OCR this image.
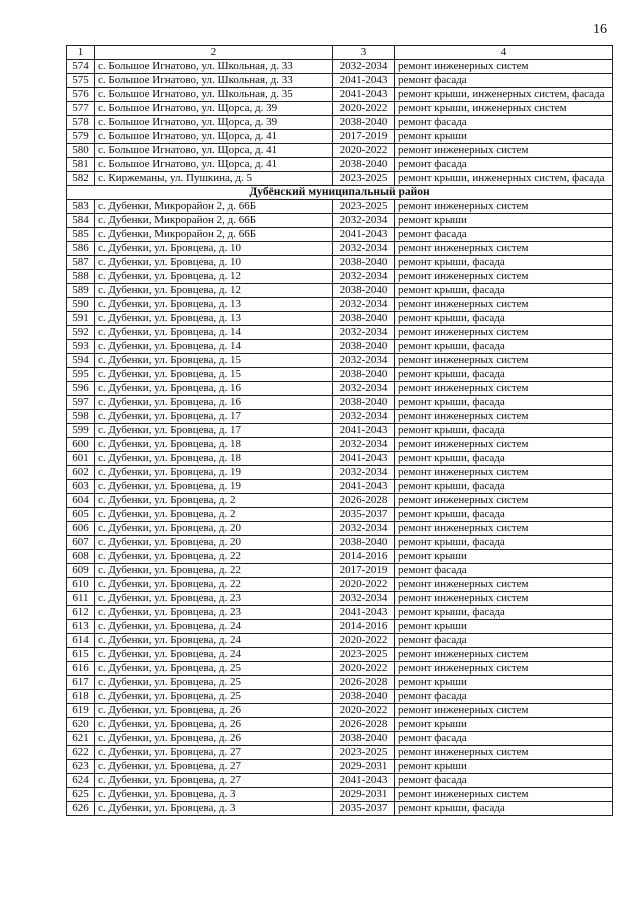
16
1	2	3	4
574	с. Большое Игнатово, ул. Школьная, д. 33	2032-2034	ремонт инженерных систем
575	с. Большое Игнатово, ул. Школьная, д. 33	2041-2043	ремонт фасада
576	с. Большое Игнатово, ул. Школьная, д. 35	2041-2043	ремонт крыши, инженерных систем, фасада
577	с. Большое Игнатово, ул. Щорса, д. 39	2020-2022	ремонт крыши, инженерных систем
578	с. Большое Игнатово, ул. Щорса, д. 39	2038-2040	ремонт фасада
579	с. Большое Игнатово, ул. Щорса, д. 41	2017-2019	ремонт крыши
580	с. Большое Игнатово, ул. Щорса, д. 41	2020-2022	ремонт инженерных систем
581	с. Большое Игнатово, ул. Щорса, д. 41	2038-2040	ремонт фасада
582	с. Киржеманы, ул. Пушкина, д. 5	2023-2025	ремонт крыши, инженерных систем, фасада
Дубёнский муниципальный район			
583	с. Дубенки, Микрорайон 2, д. 66Б	2023-2025	ремонт инженерных систем
584	с. Дубенки, Микрорайон 2, д. 66Б	2032-2034	ремонт крыши
585	с. Дубенки, Микрорайон 2, д. 66Б	2041-2043	ремонт фасада
586	с. Дубенки, ул. Бровцева, д. 10	2032-2034	ремонт инженерных систем
587	с. Дубенки, ул. Бровцева, д. 10	2038-2040	ремонт крыши, фасада
588	с. Дубенки, ул. Бровцева, д. 12	2032-2034	ремонт инженерных систем
589	с. Дубенки, ул. Бровцева, д. 12	2038-2040	ремонт крыши, фасада
590	с. Дубенки, ул. Бровцева, д. 13	2032-2034	ремонт инженерных систем
591	с. Дубенки, ул. Бровцева, д. 13	2038-2040	ремонт крыши, фасада
592	с. Дубенки, ул. Бровцева, д. 14	2032-2034	ремонт инженерных систем
593	с. Дубенки, ул. Бровцева, д. 14	2038-2040	ремонт крыши, фасада
594	с. Дубенки, ул. Бровцева, д. 15	2032-2034	ремонт инженерных систем
595	с. Дубенки, ул. Бровцева, д. 15	2038-2040	ремонт крыши, фасада
596	с. Дубенки, ул. Бровцева, д. 16	2032-2034	ремонт инженерных систем
597	с. Дубенки, ул. Бровцева, д. 16	2038-2040	ремонт крыши, фасада
598	с. Дубенки, ул. Бровцева, д. 17	2032-2034	ремонт инженерных систем
599	с. Дубенки, ул. Бровцева, д. 17	2041-2043	ремонт крыши, фасада
600	с. Дубенки, ул. Бровцева, д. 18	2032-2034	ремонт инженерных систем
601	с. Дубенки, ул. Бровцева, д. 18	2041-2043	ремонт крыши, фасада
602	с. Дубенки, ул. Бровцева, д. 19	2032-2034	ремонт инженерных систем
603	с. Дубенки, ул. Бровцева, д. 19	2041-2043	ремонт крыши, фасада
604	с. Дубенки, ул. Бровцева, д. 2	2026-2028	ремонт инженерных систем
605	с. Дубенки, ул. Бровцева, д. 2	2035-2037	ремонт крыши, фасада
606	с. Дубенки, ул. Бровцева, д. 20	2032-2034	ремонт инженерных систем
607	с. Дубенки, ул. Бровцева, д. 20	2038-2040	ремонт крыши, фасада
608	с. Дубенки, ул. Бровцева, д. 22	2014-2016	ремонт крыши
609	с. Дубенки, ул. Бровцева, д. 22	2017-2019	ремонт фасада
610	с. Дубенки, ул. Бровцева, д. 22	2020-2022	ремонт инженерных систем
611	с. Дубенки, ул. Бровцева, д. 23	2032-2034	ремонт инженерных систем
612	с. Дубенки, ул. Бровцева, д. 23	2041-2043	ремонт крыши, фасада
613	с. Дубенки, ул. Бровцева, д. 24	2014-2016	ремонт крыши
614	с. Дубенки, ул. Бровцева, д. 24	2020-2022	ремонт фасада
615	с. Дубенки, ул. Бровцева, д. 24	2023-2025	ремонт инженерных систем
616	с. Дубенки, ул. Бровцева, д. 25	2020-2022	ремонт инженерных систем
617	с. Дубенки, ул. Бровцева, д. 25	2026-2028	ремонт крыши
618	с. Дубенки, ул. Бровцева, д. 25	2038-2040	ремонт фасада
619	с. Дубенки, ул. Бровцева, д. 26	2020-2022	ремонт инженерных систем
620	с. Дубенки, ул. Бровцева, д. 26	2026-2028	ремонт крыши
621	с. Дубенки, ул. Бровцева, д. 26	2038-2040	ремонт фасада
622	с. Дубенки, ул. Бровцева, д. 27	2023-2025	ремонт инженерных систем
623	с. Дубенки, ул. Бровцева, д. 27	2029-2031	ремонт крыши
624	с. Дубенки, ул. Бровцева, д. 27	2041-2043	ремонт фасада
625	с. Дубенки, ул. Бровцева, д. 3	2029-2031	ремонт инженерных систем
626	с. Дубенки, ул. Бровцева, д. 3	2035-2037	ремонт крыши, фасада
